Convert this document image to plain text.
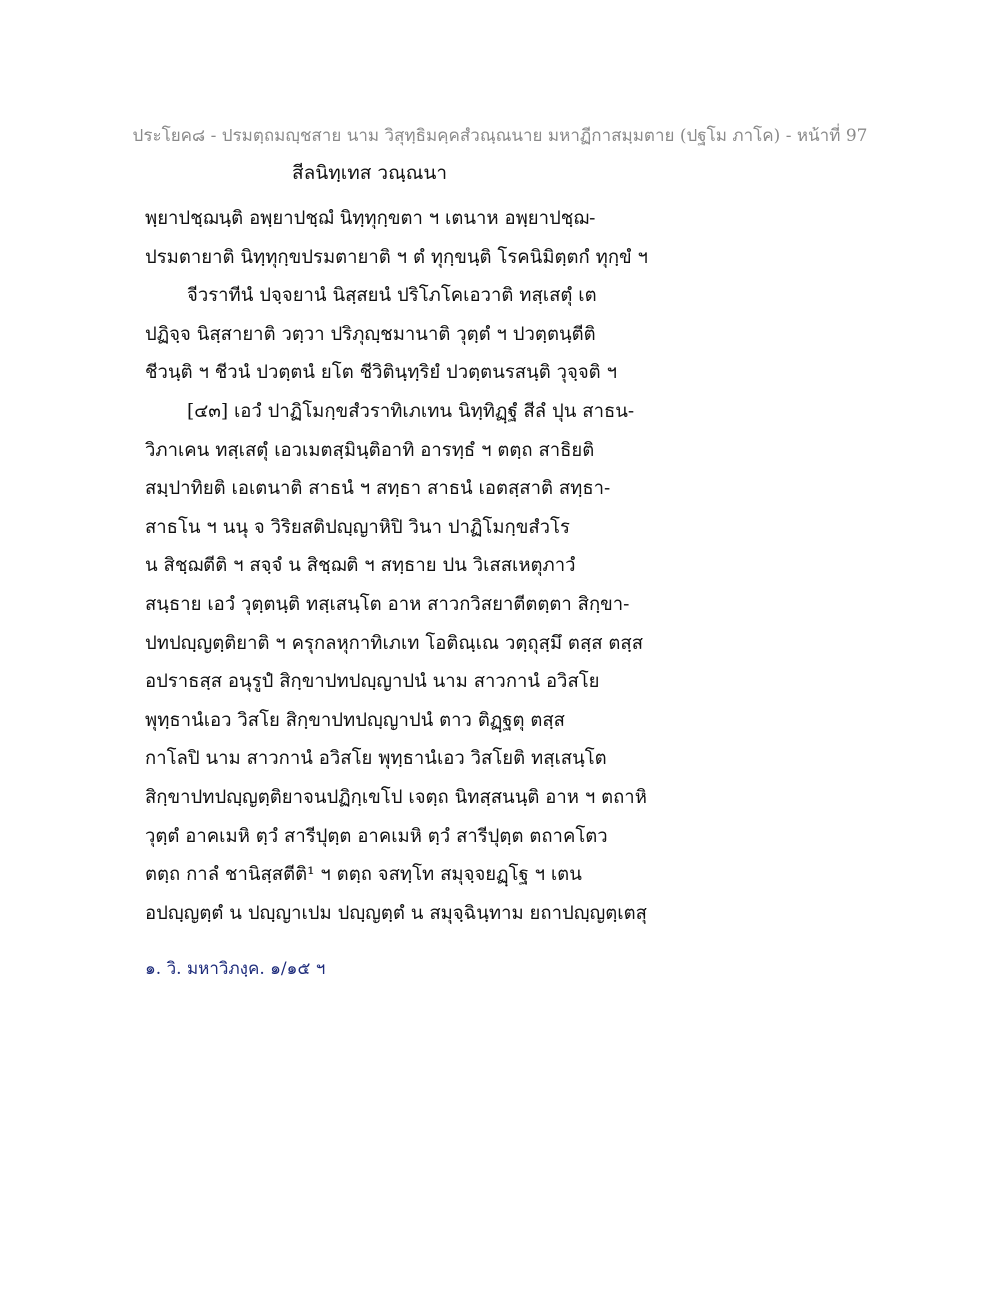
ประโยค๘ - ปรมตฺถมญฺชสาย นาม วิสุทฺธิมคฺคสํวณฺณนาย มหาฏีกาสมฺมตาย (ปฐโม ภาโค) - หน้าที่ 97
สีลนิทฺเทส วณฺณนา
พฺยาปชฺฌนฺติ อพฺยาปชฺฌํ นิทฺทุกฺขตา ฯ เตนาห อพฺยาปชฺฌ-
ปรมตายาติ นิทฺทุกฺขปรมตายาติ ฯ ตํ ทุกฺขนฺติ โรคนิมิตฺตกํ ทุกฺขํ ฯ
จีวราทีนํ ปจฺจยานํ นิสฺสยนํ ปริโภโคเอวาติ ทสฺเสตุํ เต
ปฏิจฺจ นิสฺสายาติ วตฺวา ปริภุญฺชมานาติ วุตฺตํ ฯ ปวตฺตนฺตีติ
ชีวนฺติ ฯ ชีวนํ ปวตฺตนํ ยโต ชีวิตินฺทฺริยํ ปวตฺตนรสนฺติ วุจฺจติ ฯ
[๔๓] เอวํ ปาฏิโมกฺขสํวราทิเภเทน นิทฺทิฏฺฐํ สีลํ ปุน สาธน-
วิภาเคน ทสฺเสตุํ เอวเมตสฺมินฺติอาทิ อารทฺธํ ฯ ตตฺถ สาธิยติ
สมฺปาทิยติ เอเตนาติ สาธนํ ฯ สทฺธา สาธนํ เอตสฺสาติ สทฺธา-
สาธโน ฯ นนุ จ วิริยสติปญฺญาหิปิ วินา ปาฏิโมกฺขสํวโร
น สิชฺฌตีติ ฯ สจฺจํ น สิชฺฌติ ฯ สทฺธาย ปน วิเสสเหตุภาวํ
สนฺธาย เอวํ วุตฺตนฺติ ทสฺเสนฺโต อาห สาวกวิสยาตีตตฺตา สิกฺขา-
ปทปญฺญตฺติยาติ ฯ ครุกลหุกาทิเภเท โอติณฺเณ วตฺถุสฺมึ ตสฺส ตสฺส
อปราธสฺส อนุรูปํ สิกฺขาปทปญฺญาปนํ นาม สาวกานํ อวิสโย
พุทฺธานํเอว วิสโย สิกฺขาปทปญฺญาปนํ ตาว ติฏฺฐตุ ตสฺส
กาโลปิ นาม สาวกานํ อวิสโย พุทฺธานํเอว วิสโยติ ทสฺเสนฺโต
สิกฺขาปทปญฺญตฺติยาจนปฏิกฺเขโป เจตฺถ นิทสฺสนนฺติ อาห ฯ ตถาหิ
วุตฺตํ อาคเมหิ ตฺวํ สารีปุตฺต อาคเมหิ ตฺวํ สารีปุตฺต ตถาคโตว
ตตฺถ กาลํ ชานิสฺสตีติ¹ ฯ ตตฺถ จสทฺโท สมุจฺจยฏฺโฐ ฯ เตน
อปญฺญตฺตํ น ปญฺญาเปม ปญฺญตฺตํ น สมุจฺฉินฺทาม ยถาปญฺญตฺเตสุ
๑. วิ. มหาวิภงฺค. ๑/๑๕ ฯ
